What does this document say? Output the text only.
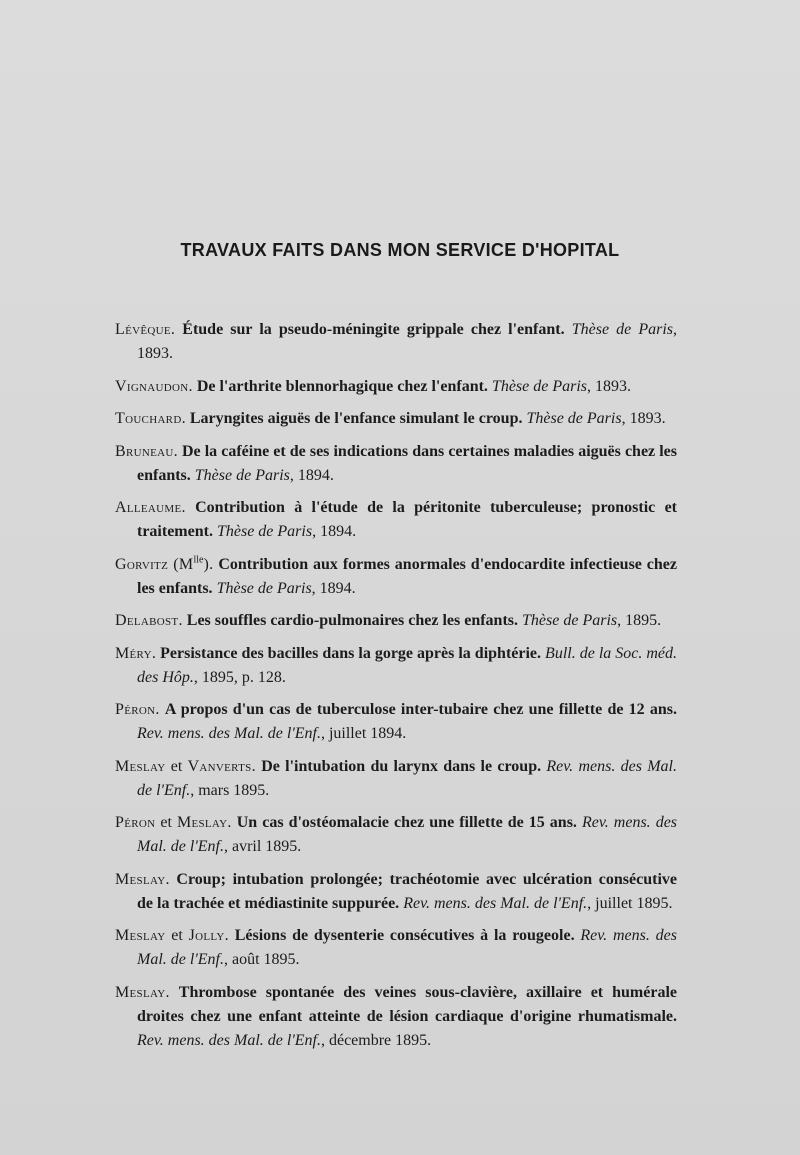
TRAVAUX FAITS DANS MON SERVICE D'HOPITAL

Lévêque. Étude sur la pseudo-méningite grippale chez l'enfant. Thèse de Paris, 1893.

Vignaudon. De l'arthrite blennorhagique chez l'enfant. Thèse de Paris, 1893.

Touchard. Laryngites aiguës de l'enfance simulant le croup. Thèse de Paris, 1893.

Bruneau. De la caféine et de ses indications dans certaines maladies aiguës chez les enfants. Thèse de Paris, 1894.

Alleaume. Contribution à l'étude de la péritonite tuberculeuse; pronostic et traitement. Thèse de Paris, 1894.

Gorvitz $(M^{lle})$. Contribution aux formes anormales d'endocardite infectieuse chez les enfants. Thèse de Paris, 1894.

Delabost. Les souffles cardio-pulmonaires chez les enfants. Thèse de Paris, 1895.

Méry. Persistance des bacilles dans la gorge après la diphtérie. Bull. de la Soc. méd. des Hôp., 1895, p. 128.

Péron. A propos d'un cas de tuberculose inter-tubaire chez une fillette de 12 ans. Rev. mens. des Mal. de l'Enf., juillet 1894.

Meslay et Vanverts. De l'intubation du larynx dans le croup. Rev. mens. des Mal. de l'Enf., mars 1895.

Péron et Meslay. Un cas d'ostéomalacie chez une fillette de 15 ans. Rev. mens. des Mal. de l'Enf., avril 1895.

Meslay. Croup; intubation prolongée; trachéotomie avec ulcération consécutive de la trachée et médiastinite suppurée. Rev. mens. des Mal. de l'Enf., juillet 1895.

Meslay et Jolly. Lésions de dysenterie consécutives à la rougeole. Rev. mens. des Mal. de l'Enf., août 1895.

Meslay. Thrombose spontanée des veines sous-clavière, axillaire et humérale droites chez une enfant atteinte de lésion cardiaque d'origine rhumatismale. Rev. mens. des Mal. de l'Enf., décembre 1895.
